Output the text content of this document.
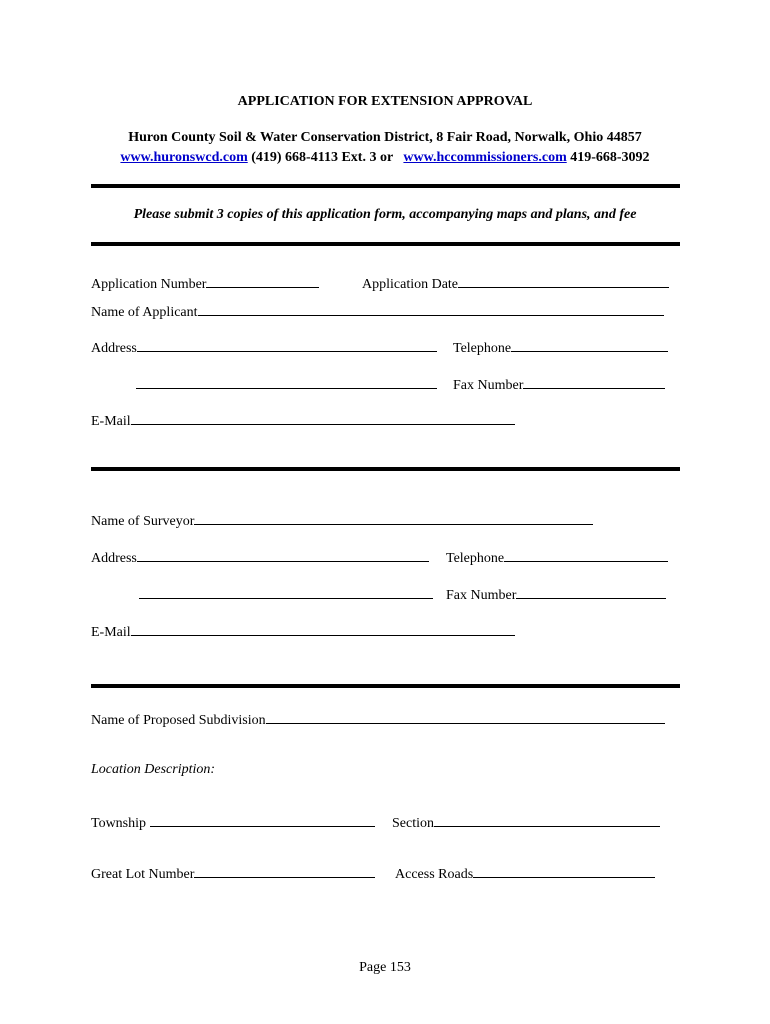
APPLICATION FOR EXTENSION APPROVAL
Huron County Soil & Water Conservation District, 8 Fair Road, Norwalk, Ohio 44857
www.huronswcd.com (419) 668-4113 Ext. 3 or www.hccommissioners.com 419-668-3092
Please submit 3 copies of this application form, accompanying maps and plans, and fee
Application Number	Application Date
Name of Applicant
Address	Telephone
Fax Number
E-Mail
Name of Surveyor
Address	Telephone
Fax Number
E-Mail
Name of Proposed Subdivision
Location Description:
Township	Section
Great Lot Number	Access Roads
Page 153
